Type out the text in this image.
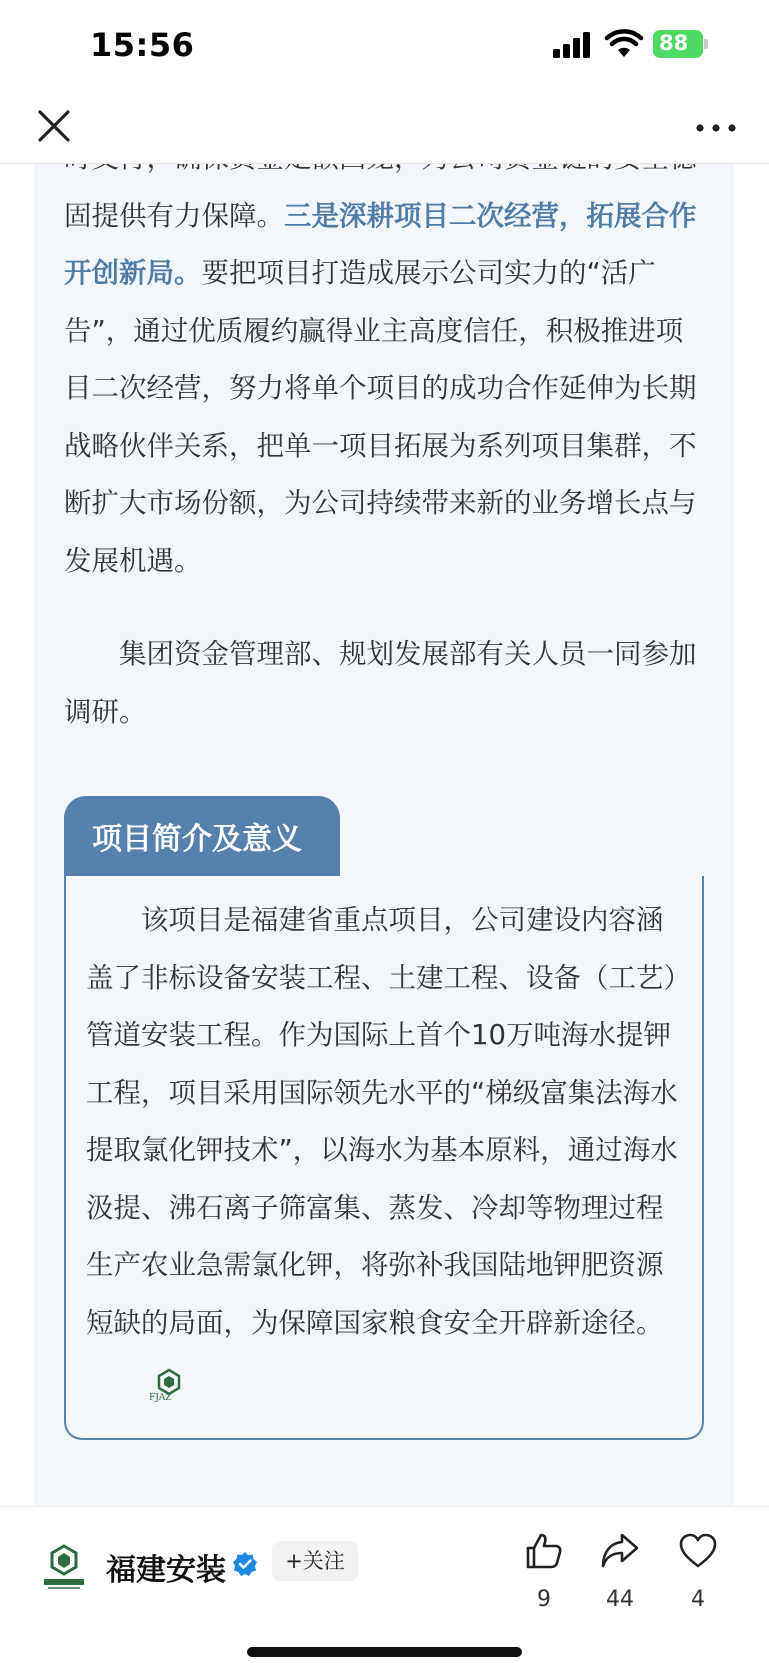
15:56	88

固提供有力保障。三是深耕项目二次经营，拓展合作开创新局。要把项目打造成展示公司实力的“活广告”，通过优质履约赢得业主高度信任，积极推进项目二次经营，努力将单个项目的成功合作延伸为长期战略伙伴关系，把单一项目拓展为系列项目集群，不断扩大市场份额，为公司持续带来新的业务增长点与发展机遇。

集团资金管理部、规划发展部有关人员一同参加调研。

项目简介及意义

该项目是福建省重点项目，公司建设内容涵盖了非标设备安装工程、土建工程、设备（工艺）管道安装工程。作为国际上首个10万吨海水提钾工程，项目采用国际领先水平的“梯级富集法海水提取氯化钾技术”，以海水为基本原料，通过海水汲提、沸石离子筛富集、蒸发、冷却等物理过程生产农业急需氯化钾，将弥补我国陆地钾肥资源短缺的局面，为保障国家粮食安全开辟新途径。
FJAZ

福建安装	+关注
9	44	4
